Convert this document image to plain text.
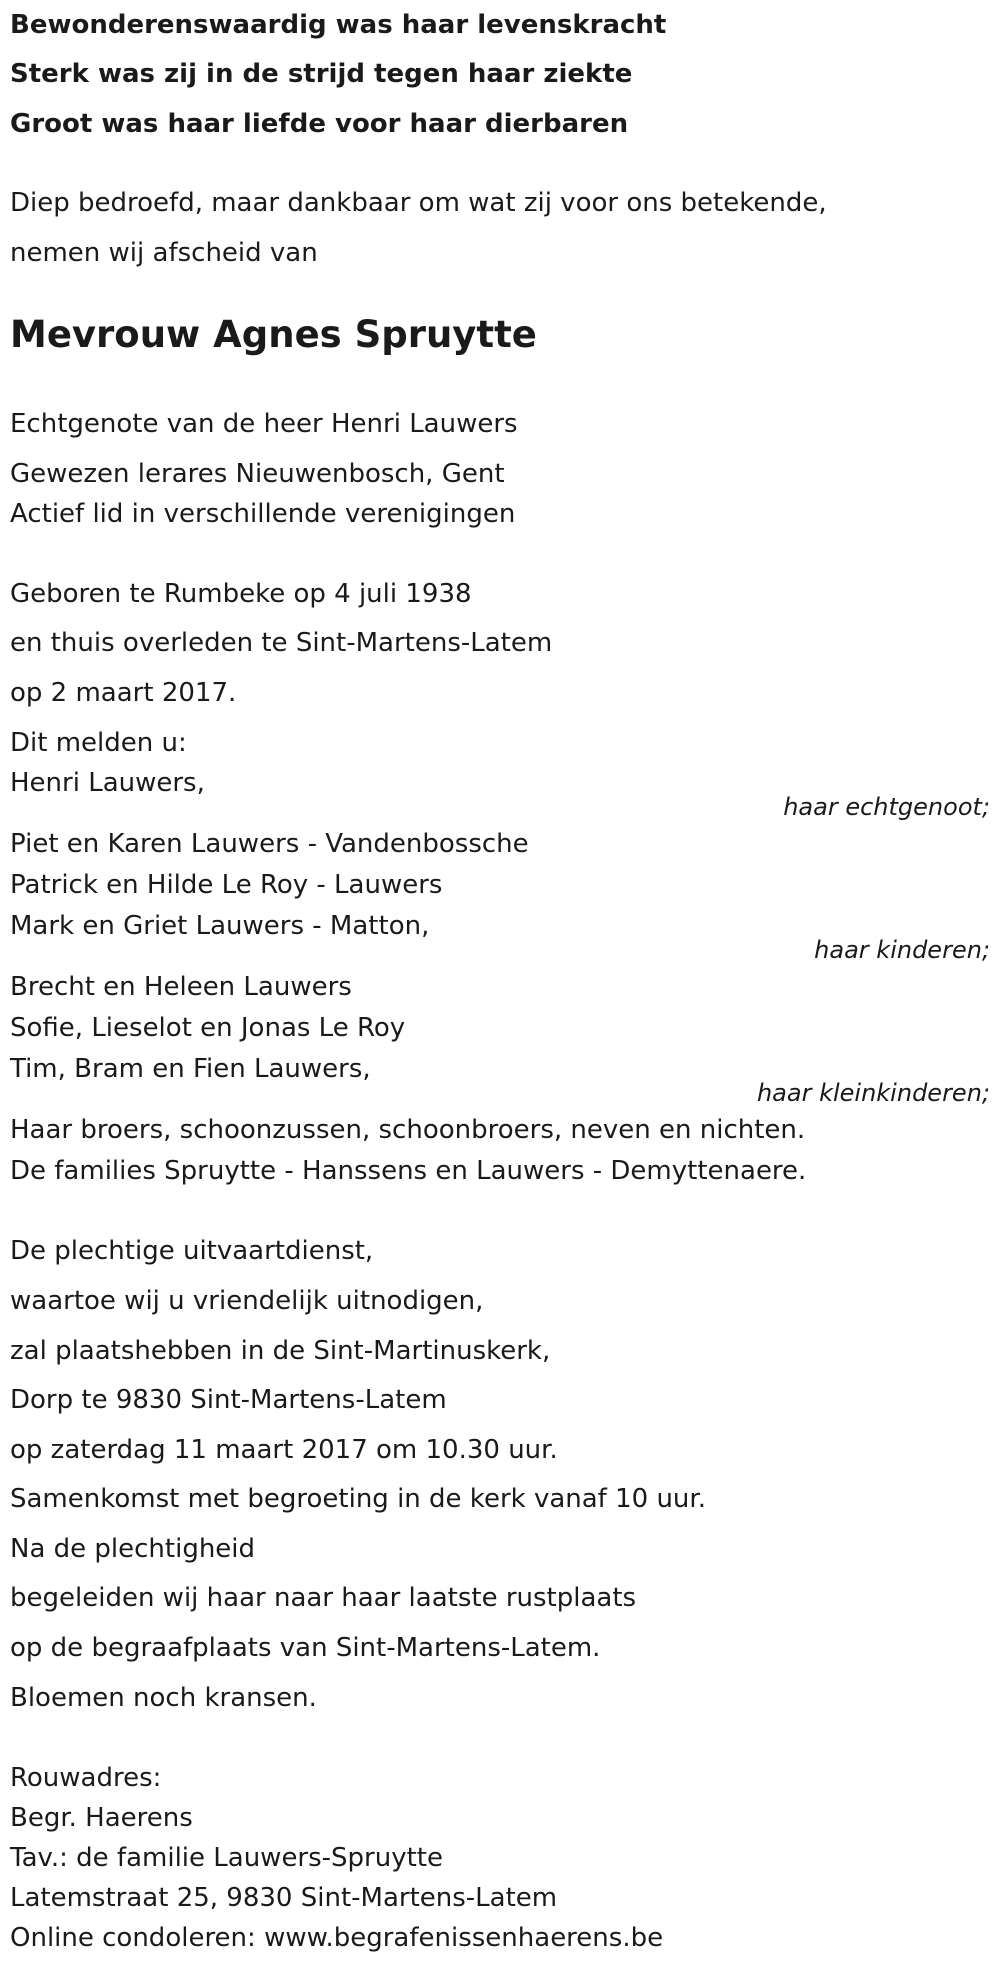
Bewonderenswaardig was haar levenskracht
Sterk was zij in de strijd tegen haar ziekte
Groot was haar liefde voor haar dierbaren
Diep bedroefd, maar dankbaar om wat zij voor ons betekende,
nemen wij afscheid van
Mevrouw Agnes Spruytte
Echtgenote van de heer Henri Lauwers
Gewezen lerares Nieuwenbosch, Gent
Actief lid in verschillende verenigingen
Geboren te Rumbeke op 4 juli 1938
en thuis overleden te Sint-Martens-Latem
op 2 maart 2017.
Dit melden u:
Henri Lauwers,
haar echtgenoot;
Piet en Karen Lauwers - Vandenbossche
Patrick en Hilde Le Roy - Lauwers
Mark en Griet Lauwers - Matton,
haar kinderen;
Brecht en Heleen Lauwers
Sofie, Lieselot en Jonas Le Roy
Tim, Bram en Fien Lauwers,
haar kleinkinderen;
Haar broers, schoonzussen, schoonbroers, neven en nichten.
De families Spruytte - Hanssens en Lauwers - Demyttenaere.
De plechtige uitvaartdienst,
waartoe wij u vriendelijk uitnodigen,
zal plaatshebben in de Sint-Martinuskerk,
Dorp te 9830 Sint-Martens-Latem
op zaterdag 11 maart 2017 om 10.30 uur.
Samenkomst met begroeting in de kerk vanaf 10 uur.
Na de plechtigheid
begeleiden wij haar naar haar laatste rustplaats
op de begraafplaats van Sint-Martens-Latem.
Bloemen noch kransen.
Rouwadres:
Begr. Haerens
Tav.: de familie Lauwers-Spruytte
Latemstraat 25, 9830 Sint-Martens-Latem
Online condoleren: www.begrafenissenhaerens.be
